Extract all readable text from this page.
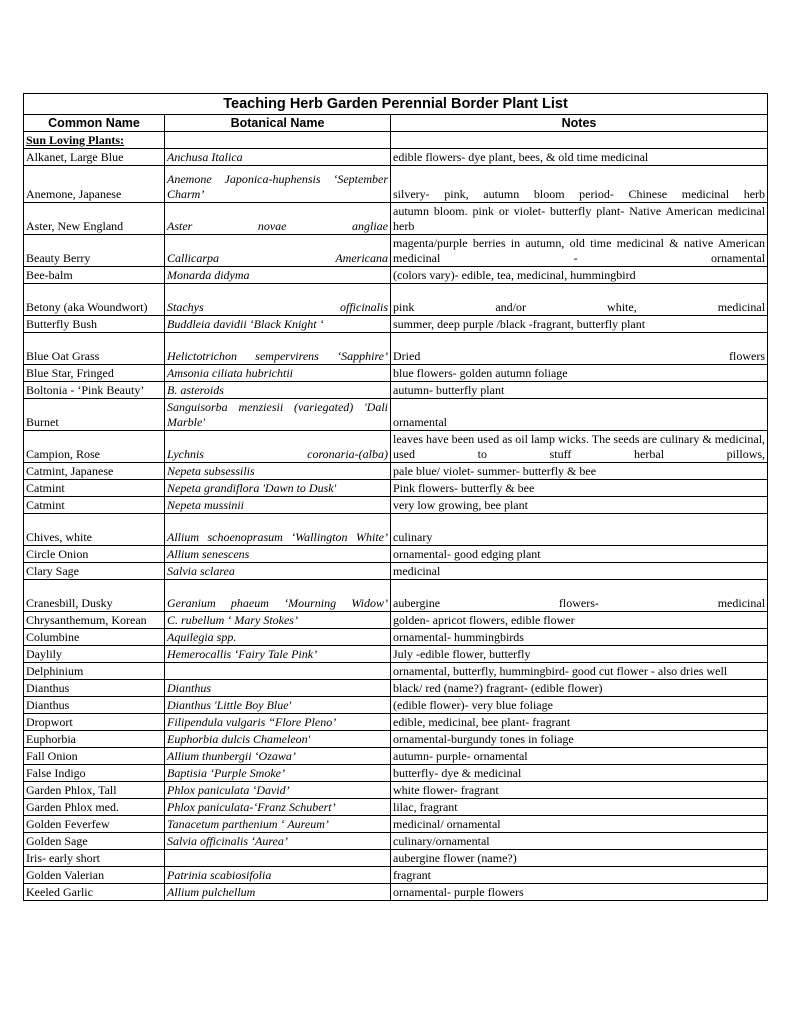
Teaching Herb Garden Perennial Border Plant List		
Common Name	Botanical Name	Notes
Sun Loving Plants:		
Alkanet, Large Blue	Anchusa Italica	edible flowers- dye plant, bees, & old time medicinal
Anemone, Japanese	Anemone Japonica-huphensis ‘September Charm’	silvery- pink, autumn bloom period- Chinese medicinal herb
Aster, New England	Aster novae angliae	autumn bloom. pink or violet- butterfly plant- Native American medicinal herb
Beauty Berry	Callicarpa Americana	magenta/purple berries in autumn, old time medicinal & native American medicinal - ornamental
Bee-balm	Monarda didyma	(colors vary)- edible, tea, medicinal, hummingbird
Betony (aka Woundwort)	Stachys officinalis	pink and/or white, medicinal
Butterfly Bush	Buddleia davidii ‘Black Knight ‘	summer, deep purple /black -fragrant, butterfly plant
Blue Oat Grass	Helictotrichon sempervirens ‘Sapphire’	Dried flowers
Blue Star, Fringed	Amsonia ciliata hubrichtii	blue flowers- golden autumn foliage
Boltonia - ‘Pink Beauty’	B. asteroids	autumn- butterfly plant
Burnet	Sanguisorba menziesii (variegated) 'Dali Marble'	ornamental
Campion, Rose	Lychnis coronaria-(alba)	leaves have been used as oil lamp wicks. The seeds are culinary & medicinal, used to stuff herbal pillows,
Catmint, Japanese	Nepeta subsessilis	pale blue/ violet- summer- butterfly & bee
Catmint	Nepeta grandiflora 'Dawn to Dusk'	Pink flowers- butterfly & bee
Catmint	Nepeta mussinii	very low growing, bee plant
Chives, white	Allium schoenoprasum ‘Wallington White’	culinary
Circle Onion	Allium senescens	ornamental- good edging plant
Clary Sage	Salvia sclarea	medicinal
Cranesbill, Dusky	Geranium phaeum ‘Mourning Widow’	aubergine flowers- medicinal
Chrysanthemum, Korean	C. rubellum ‘ Mary Stokes’	golden- apricot flowers, edible flower
Columbine	Aquilegia spp.	ornamental- hummingbirds
Daylily	Hemerocallis ‘Fairy Tale Pink’	July -edible flower, butterfly
Delphinium		ornamental, butterfly, hummingbird- good cut flower - also dries well
Dianthus	Dianthus	black/ red (name?) fragrant- (edible flower)
Dianthus	Dianthus 'Little Boy Blue'	(edible flower)- very blue foliage
Dropwort	Filipendula vulgaris “Flore Pleno’	edible, medicinal, bee plant- fragrant
Euphorbia	Euphorbia dulcis Chameleon'	ornamental-burgundy tones in foliage
Fall Onion	Allium thunbergii ‘Ozawa’	autumn- purple- ornamental
False Indigo	Baptisia ‘Purple Smoke’	butterfly- dye & medicinal
Garden Phlox, Tall	Phlox paniculata ‘David’	white flower- fragrant
Garden Phlox med.	Phlox paniculata-‘Franz Schubert’	lilac, fragrant
Golden Feverfew	Tanacetum parthenium ‘ Aureum’	medicinal/ ornamental
Golden Sage	Salvia officinalis ‘Aurea’	culinary/ornamental
Iris- early short		aubergine flower (name?)
Golden Valerian	Patrinia scabiosifolia	fragrant
Keeled Garlic	Allium pulchellum	ornamental- purple flowers
